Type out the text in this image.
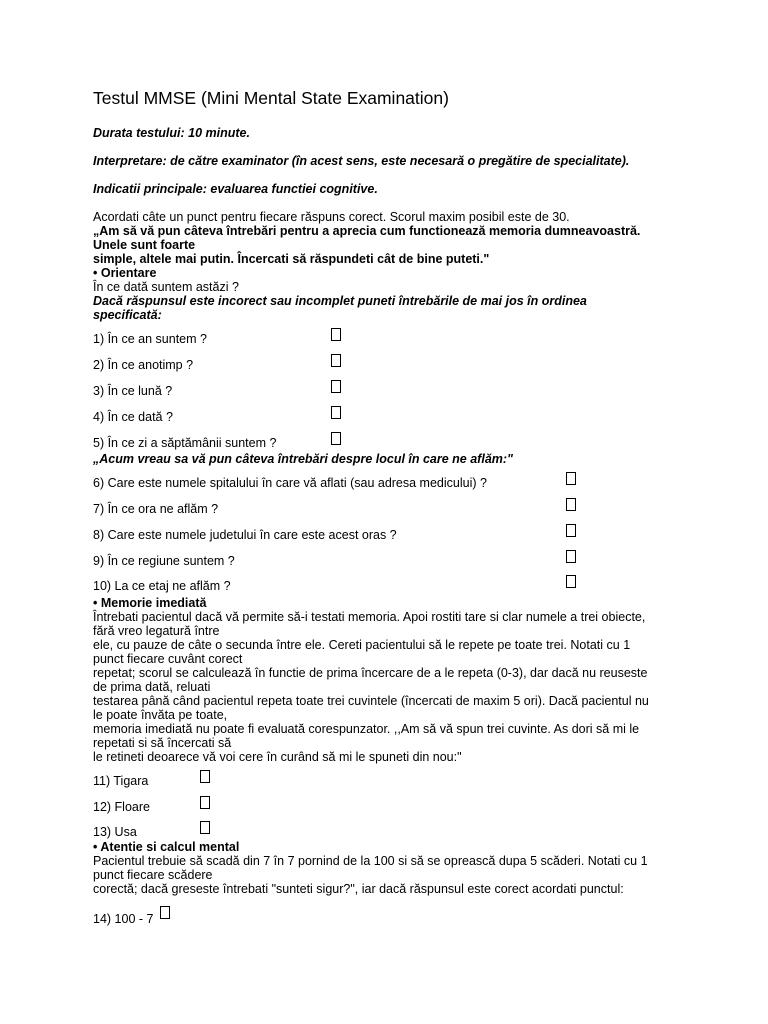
Testul MMSE (Mini Mental State Examination)
Durata testului: 10 minute.
Interpretare: de către examinator (în acest sens, este necesară o pregătire de specialitate).
Indicatii principale: evaluarea functiei cognitive.
Acordati câte un punct pentru fiecare răspuns corect. Scorul maxim posibil este de 30.
„Am să vă pun câteva întrebări pentru a aprecia cum functionează memoria dumneavoastră.
Unele sunt foarte
simple, altele mai putin. Încercati să răspundeti cât de bine puteti."
• Orientare
În ce dată suntem astăzi ?
Dacă răspunsul este incorect sau incomplet puneti întrebările de mai jos în ordinea
specificată:
1) În ce an suntem ?
2) În ce anotimp ?
3) În ce lună ?
4) În ce dată ?
5) În ce zi a săptămânii suntem ?
„Acum vreau sa vă pun câteva întrebări despre locul în care ne aflăm:"
6) Care este numele spitalului în care vă aflati (sau adresa medicului) ?
7) În ce ora ne aflăm ?
8) Care este numele judetului în care este acest oras ?
9) În ce regiune suntem ?
10) La ce etaj ne aflăm ?
• Memorie imediată
Întrebati pacientul dacă vă permite să-i testati memoria. Apoi rostiti tare si clar numele a trei obiecte,
fără vreo legatură între
ele, cu pauze de câte o secunda între ele. Cereti pacientului să le repete pe toate trei. Notati cu 1
punct fiecare cuvânt corect
repetat; scorul se calculează în functie de prima încercare de a le repeta (0-3), dar dacă nu reuseste
de prima dată, reluati
testarea până când pacientul repeta toate trei cuvintele (încercati de maxim 5 ori). Dacă pacientul nu
le poate învăta pe toate,
memoria imediată nu poate fi evaluată corespunzator. ,,Am să vă spun trei cuvinte. As dori să mi le
repetati si să încercati să
le retineti deoarece vă voi cere în curând să mi le spuneti din nou:"
11) Tigara
12) Floare
13) Usa
• Atentie si calcul mental
Pacientul trebuie să scadă din 7 în 7 pornind de la 100 si să se oprească dupa 5 scăderi. Notati cu 1
punct fiecare scădere
corectă; dacă greseste întrebati "sunteti sigur?", iar dacă răspunsul este corect acordati punctul:
14) 100 - 7
